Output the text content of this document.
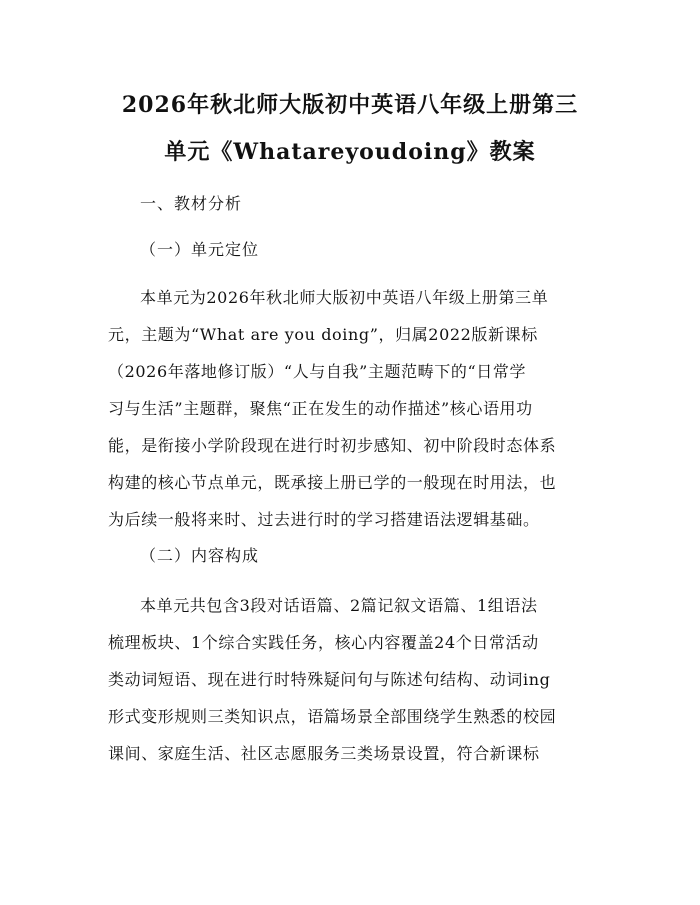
2026年秋北师大版初中英语八年级上册第三
单元《Whatareyoudoing》教案
一、教材分析
（一）单元定位
本单元为2026年秋北师大版初中英语八年级上册第三单
元，主题为“What are you doing”，归属2022版新课标
（2026年落地修订版）“人与自我”主题范畴下的“日常学
习与生活”主题群，聚焦“正在发生的动作描述”核心语用功
能，是衔接小学阶段现在进行时初步感知、初中阶段时态体系
构建的核心节点单元，既承接上册已学的一般现在时用法，也
为后续一般将来时、过去进行时的学习搭建语法逻辑基础。
（二）内容构成
本单元共包含3段对话语篇、2篇记叙文语篇、1组语法
梳理板块、1个综合实践任务，核心内容覆盖24个日常活动
类动词短语、现在进行时特殊疑问句与陈述句结构、动词ing
形式变形规则三类知识点，语篇场景全部围绕学生熟悉的校园
课间、家庭生活、社区志愿服务三类场景设置，符合新课标
